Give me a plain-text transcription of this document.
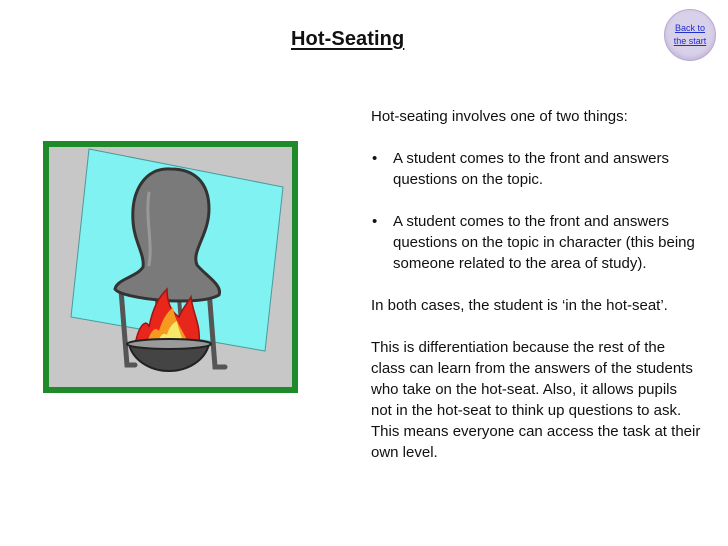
Hot-Seating	Back to the start

Hot-seating involves one of two things:

• A student comes to the front and answers questions on the topic.
• A student comes to the front and answers questions on the topic in character (this being someone related to the area of study).

In both cases, the student is ‘in the hot-seat’.

This is differentiation because the rest of the class can learn from the answers of the students who take on the hot-seat. Also, it allows pupils not in the hot-seat to think up questions to ask. This means everyone can access the task at their own level.
